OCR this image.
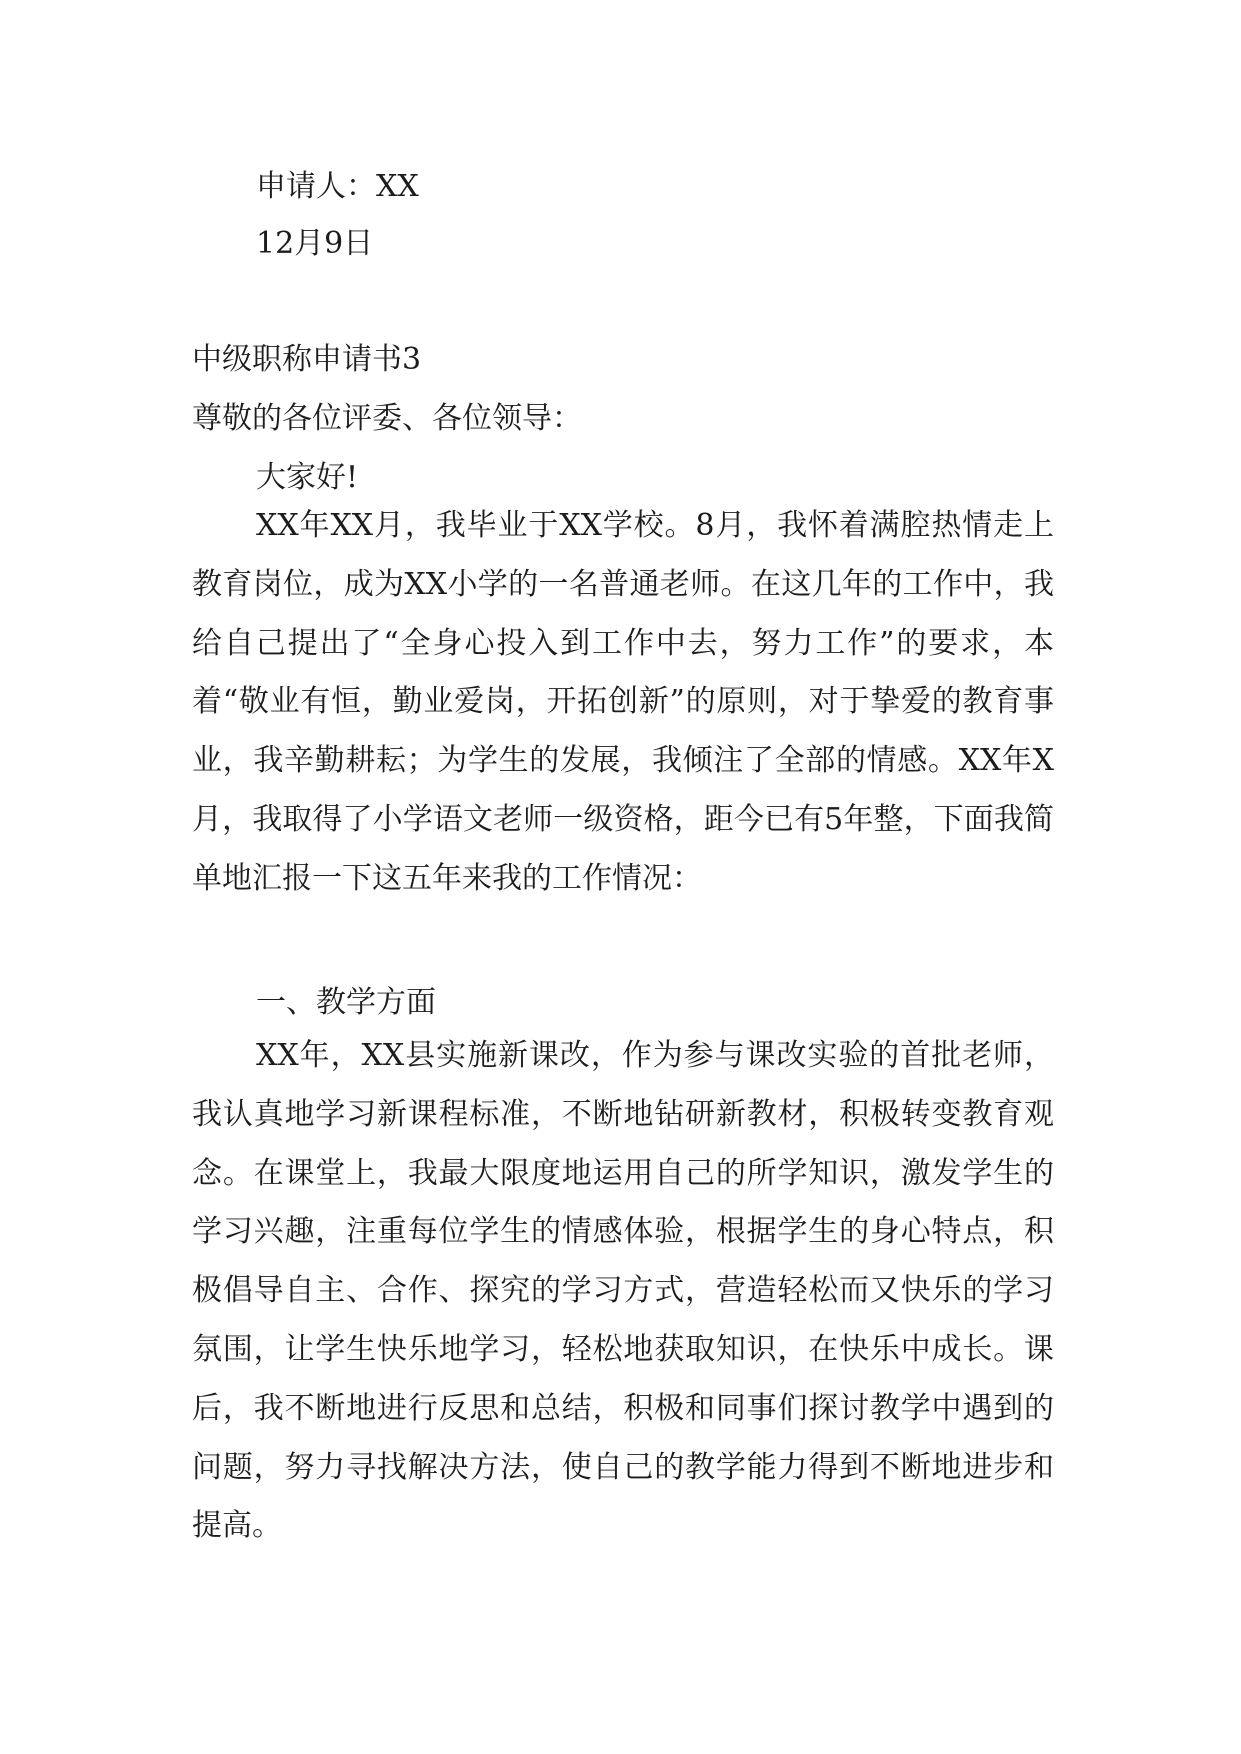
申请人：XX
12月9日
中级职称申请书3
尊敬的各位评委、各位领导：
大家好!

XX年XX月，我毕业于XX学校。8月，我怀着满腔热情走上教育岗位，成为XX小学的一名普通老师。在这几年的工作中，我给自己提出了“全身心投入到工作中去，努力工作”的要求，本着“敬业有恒，勤业爱岗，开拓创新”的原则，对于挚爱的教育事业，我辛勤耕耘；为学生的发展，我倾注了全部的情感。XX年X月，我取得了小学语文老师一级资格，距今已有5年整，下面我简单地汇报一下这五年来我的工作情况：

一、教学方面

XX年，XX县实施新课改，作为参与课改实验的首批老师，我认真地学习新课程标准，不断地钻研新教材，积极转变教育观念。在课堂上，我最大限度地运用自己的所学知识，激发学生的学习兴趣，注重每位学生的情感体验，根据学生的身心特点，积极倡导自主、合作、探究的学习方式，营造轻松而又快乐的学习氛围，让学生快乐地学习，轻松地获取知识，在快乐中成长。课后，我不断地进行反思和总结，积极和同事们探讨教学中遇到的问题，努力寻找解决方法，使自己的教学能力得到不断地进步和提高。
